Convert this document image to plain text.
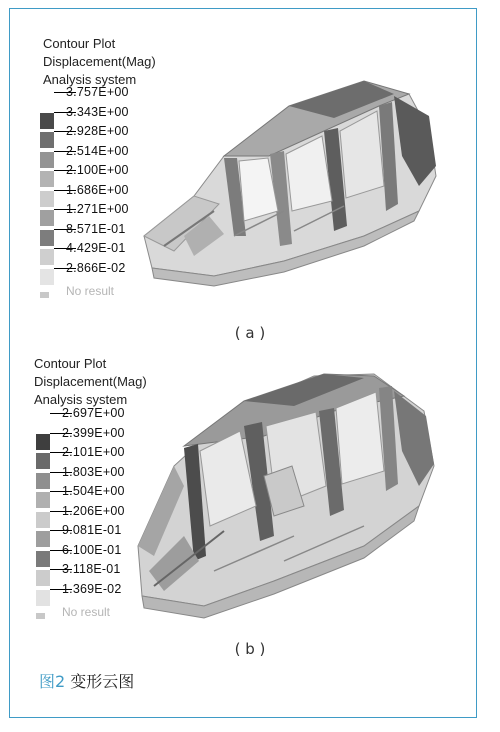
Contour Plot
Displacement(Mag)
Analysis system
3.757E+00
3.343E+00
2.928E+00
2.514E+00
2.100E+00
1.686E+00
1.271E+00
8.571E-01
4.429E-01
2.866E-02
No result
( a )
Contour Plot
Displacement(Mag)
Analysis system
2.697E+00
2.399E+00
2.101E+00
1.803E+00
1.504E+00
1.206E+00
9.081E-01
6.100E-01
3.118E-01
1.369E-02
No result
( b )
图2 变形云图
